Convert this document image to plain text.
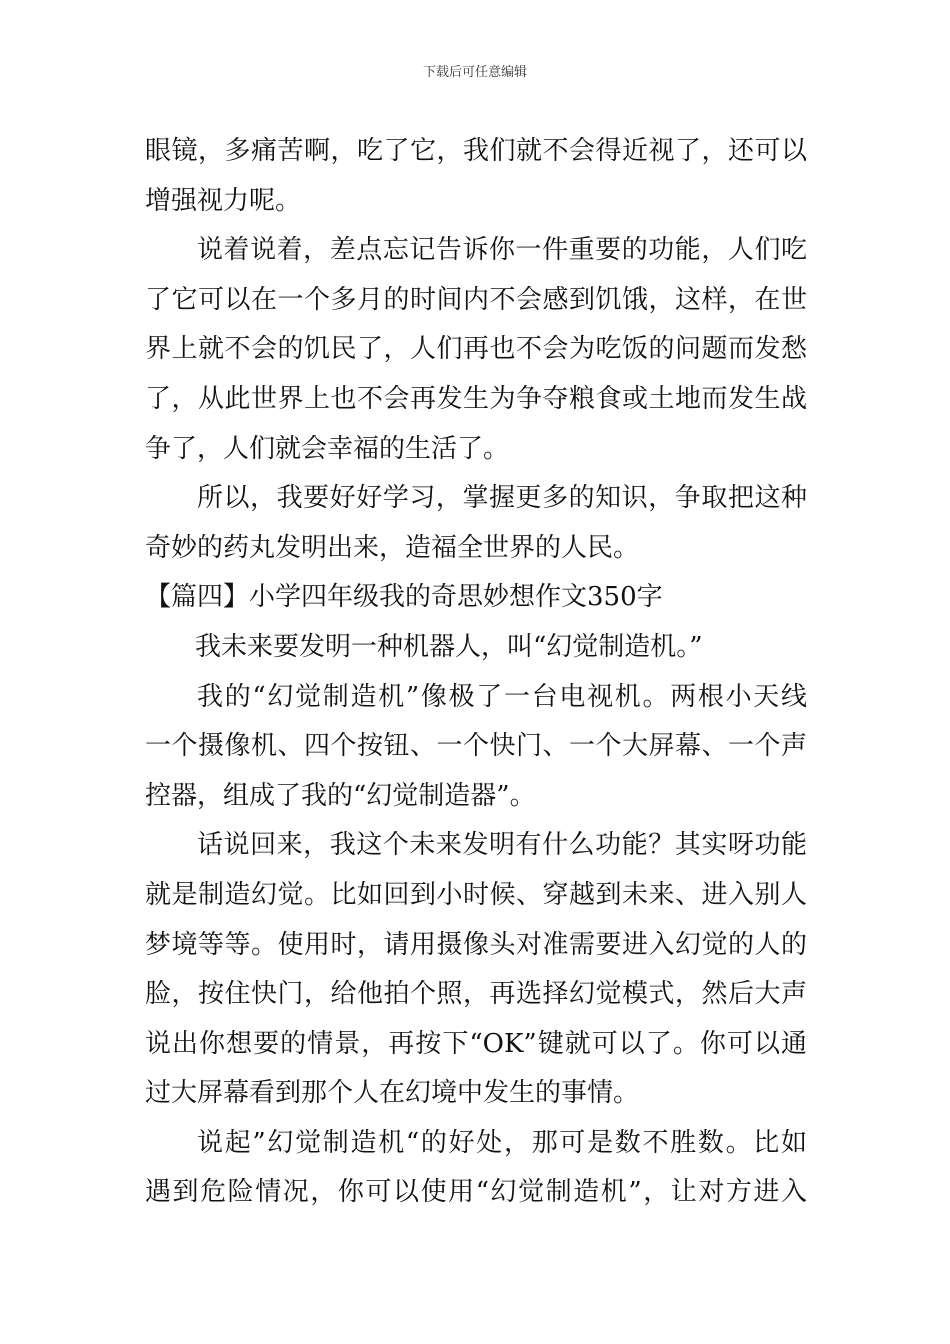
下载后可任意编辑
眼镜，多痛苦啊，吃了它，我们就不会得近视了，还可以
增强视力呢。
说着说着，差点忘记告诉你一件重要的功能，人们吃
了它可以在一个多月的时间内不会感到饥饿，这样，在世
界上就不会的饥民了，人们再也不会为吃饭的问题而发愁
了，从此世界上也不会再发生为争夺粮食或土地而发生战
争了，人们就会幸福的生活了。
所以，我要好好学习，掌握更多的知识，争取把这种
奇妙的药丸发明出来，造福全世界的人民。
【篇四】小学四年级我的奇思妙想作文350字
我未来要发明一种机器人，叫“幻觉制造机。”
我的“幻觉制造机”像极了一台电视机。两根小天线
一个摄像机、四个按钮、一个快门、一个大屏幕、一个声
控器，组成了我的“幻觉制造器”。
话说回来，我这个未来发明有什么功能？其实呀功能
就是制造幻觉。比如回到小时候、穿越到未来、进入别人
梦境等等。使用时，请用摄像头对准需要进入幻觉的人的
脸，按住快门，给他拍个照，再选择幻觉模式，然后大声
说出你想要的情景，再按下“OK”键就可以了。你可以通
过大屏幕看到那个人在幻境中发生的事情。
说起”幻觉制造机“的好处，那可是数不胜数。比如
遇到危险情况，你可以使用“幻觉制造机”，让对方进入
